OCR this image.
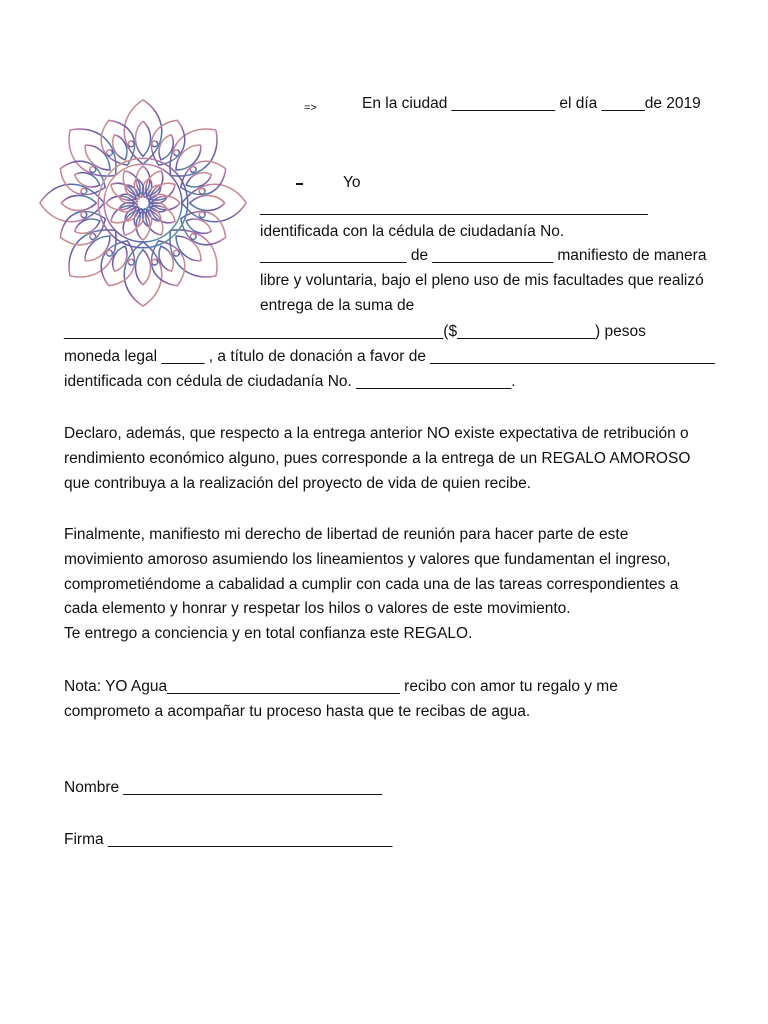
=>	En la ciudad ____________ el día _____de 2019

Yo

_____________________________________________

identificada con la cédula de ciudadanía No.

_________________ de ______________ manifiesto de manera

libre y voluntaria, bajo el pleno uso de mis facultades que realizó

entrega de la suma de

____________________________________________($________________) pesos

moneda legal _____ , a título de donación a favor de _________________________________

identificada con cédula de ciudadanía No. __________________.

Declaro, además, que respecto a la entrega anterior NO existe expectativa de retribución o

rendimiento económico alguno, pues corresponde a la entrega de un REGALO AMOROSO

que contribuya a la realización del proyecto de vida de quien recibe.

Finalmente, manifiesto mi derecho de libertad de reunión para hacer parte de este

movimiento amoroso asumiendo los lineamientos y valores que fundamentan el ingreso,

comprometiéndome a cabalidad a cumplir con cada una de las tareas correspondientes a

cada elemento y honrar y respetar los hilos o valores de este movimiento.

Te entrego a conciencia y en total confianza este REGALO.

Nota: YO Agua___________________________ recibo con amor tu regalo y me

comprometo a acompañar tu proceso hasta que te recibas de agua.

Nombre ______________________________

Firma _________________________________
